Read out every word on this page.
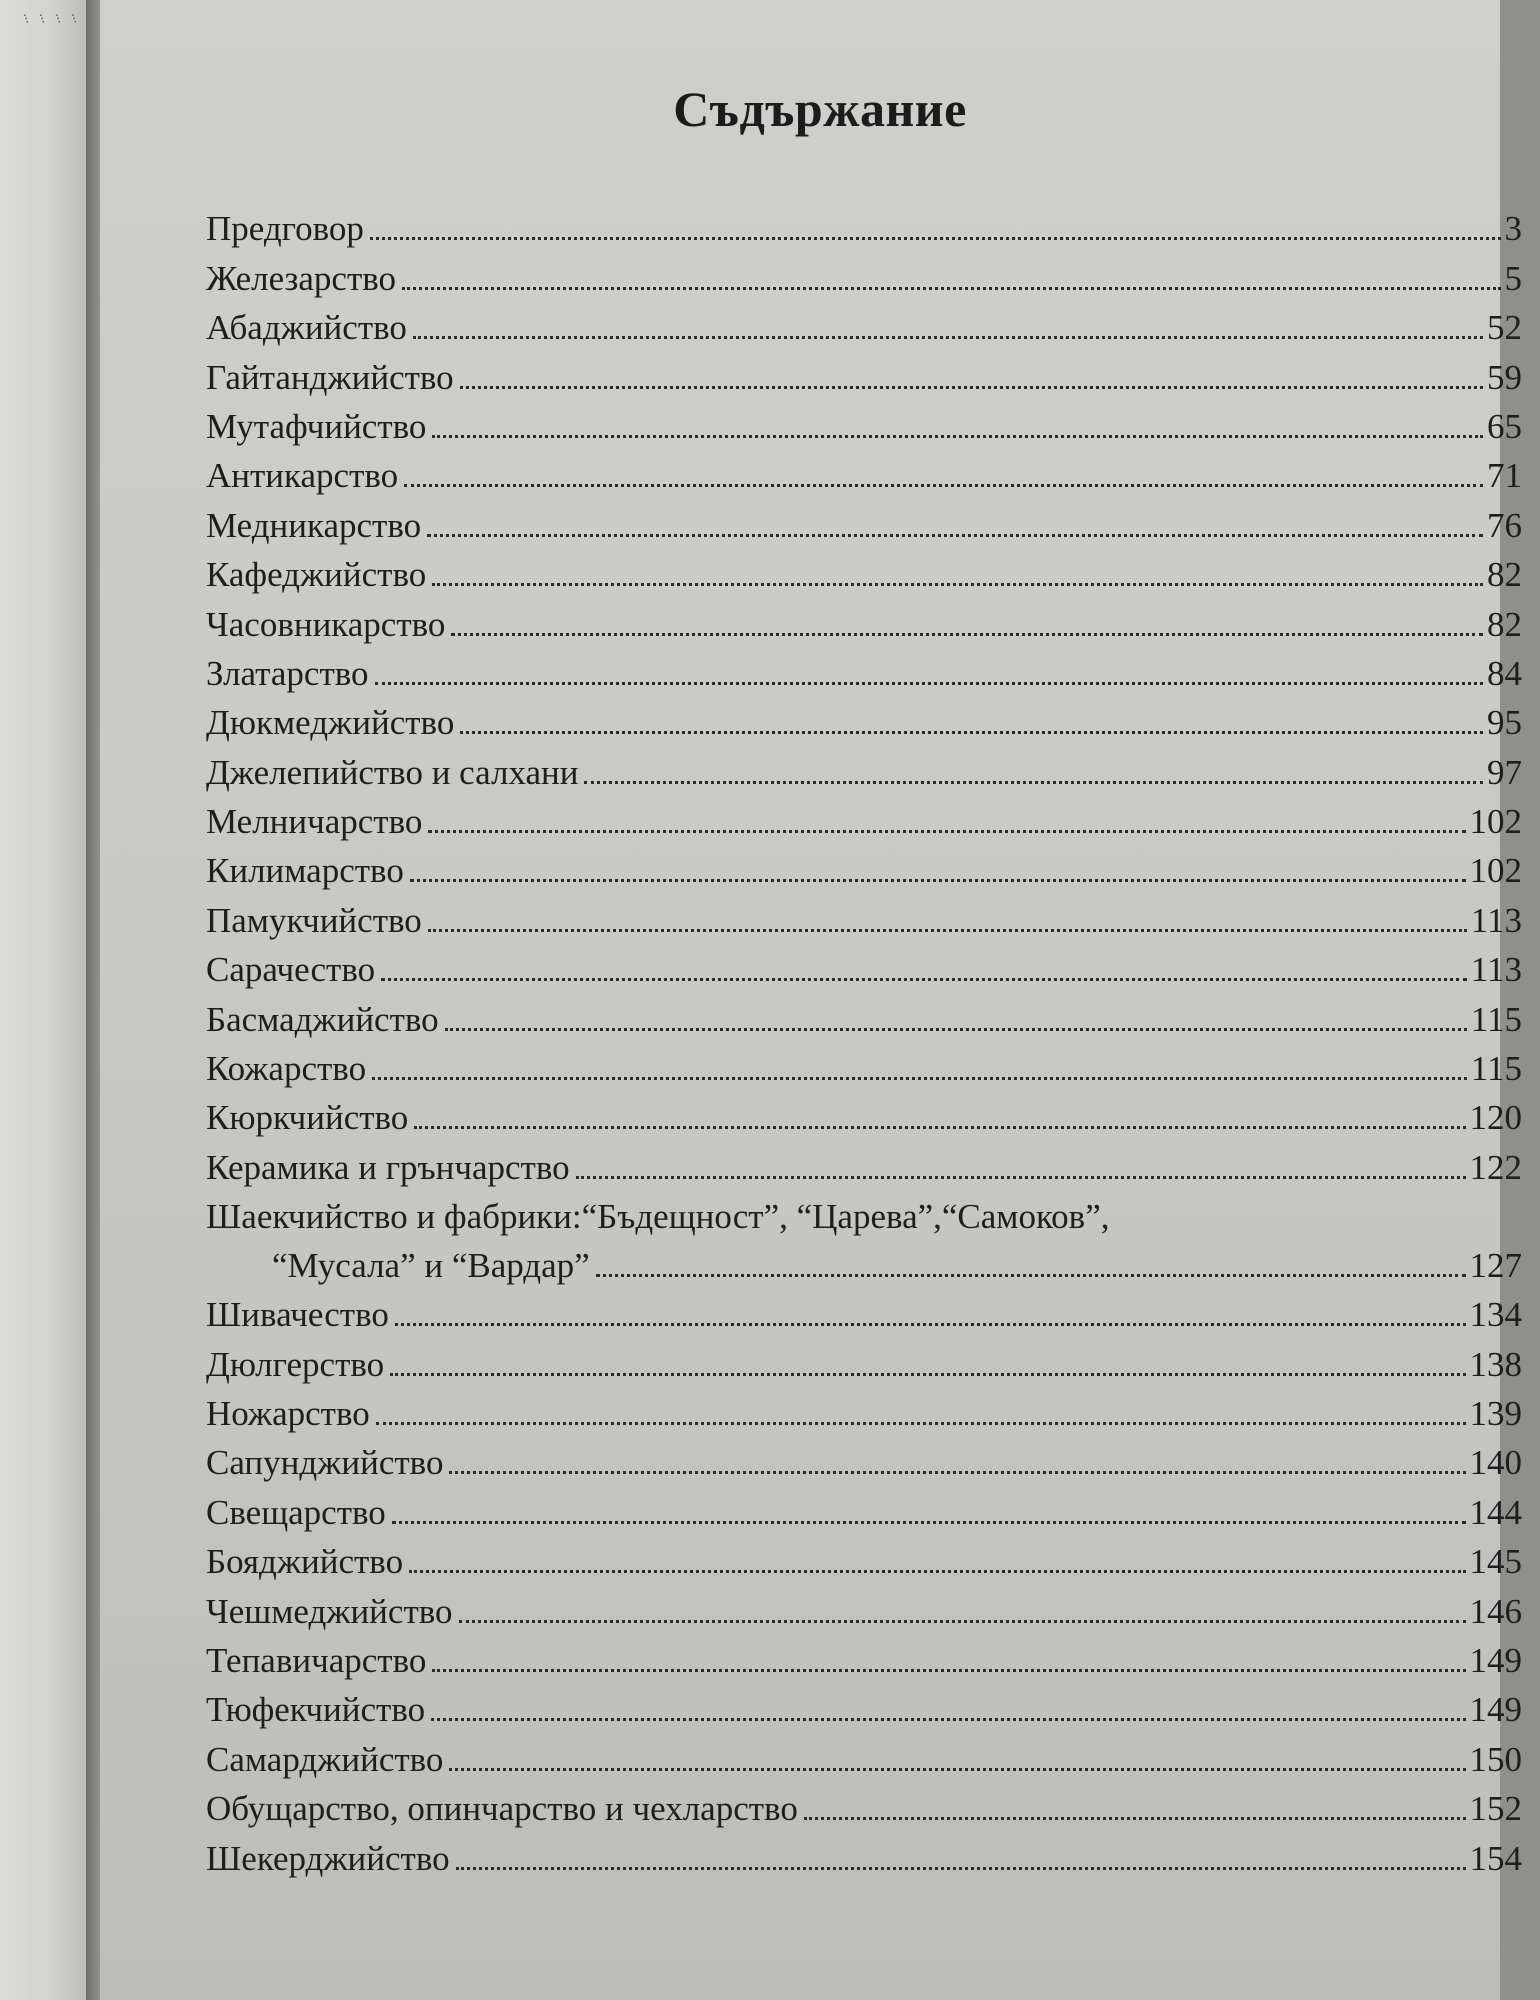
...
...
...
...
Съдържание
Предговор	3
Железарство	5
Абаджийство	52
Гайтанджийство	59
Мутафчийство	65
Антикарство	71
Медникарство	76
Кафеджийство	82
Часовникарство	82
Златарство	84
Дюкмеджийство	95
Джелепийство и салхани	97
Мелничарство	102
Килимарство	102
Памукчийство	113
Сарачество	113
Басмаджийство	115
Кожарство	115
Кюркчийство	120
Керамика и грънчарство	122
Шаекчийство и фабрики:“Бъдещност”, “Царева”,“Самоков”,
“Мусала” и “Вардар”	127
Шивачество	134
Дюлгерство	138
Ножарство	139
Сапунджийство	140
Свещарство	144
Бояджийство	145
Чешмеджийство	146
Тепавичарство	149
Тюфекчийство	149
Самарджийство	150
Обущарство, опинчарство и чехларство	152
Шекерджийство	154
